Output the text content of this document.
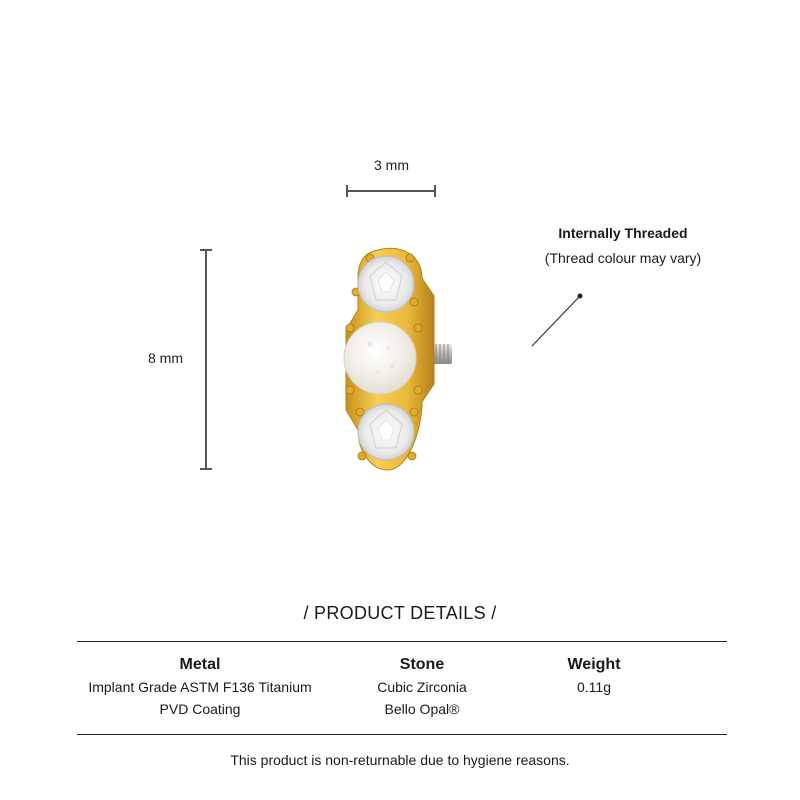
3 mm
8 mm
Internally Threaded
(Thread colour may vary)
/ PRODUCT DETAILS /
Metal
Implant Grade ASTM F136 Titanium
PVD Coating
Stone
Cubic Zirconia
Bello Opal®
Weight
0.11g
This product is non-returnable due to hygiene reasons.
